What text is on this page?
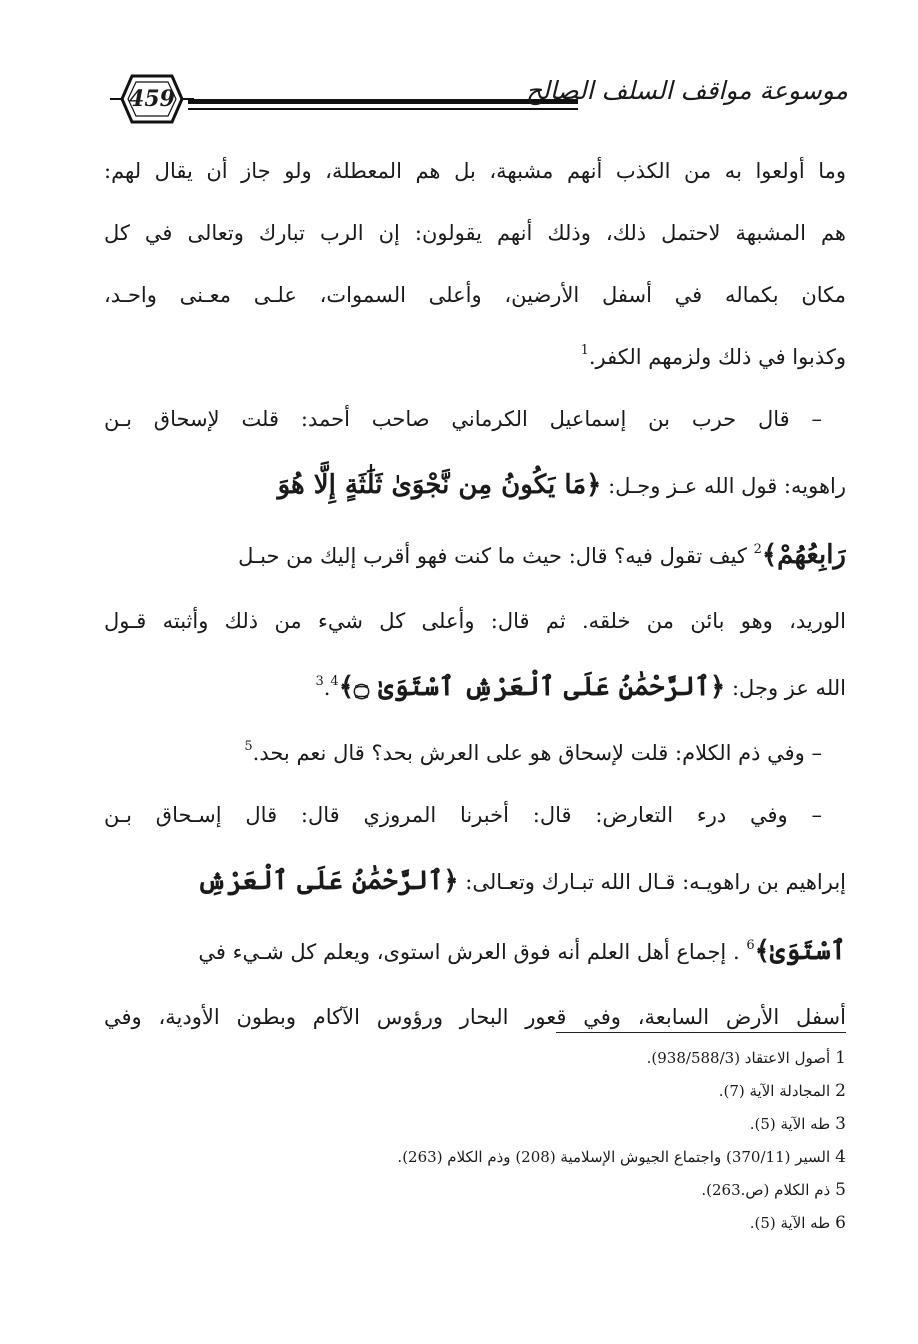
459	موسوعة مواقف السلف الصالح
وما أولعوا به من الكذب أنهم مشبهة، بل هم المعطلة، ولو جاز أن يقال لهم:
هم المشبهة لاحتمل ذلك، وذلك أنهم يقولون: إن الرب تبارك وتعالى في كل
مكان بكماله في أسفل الأرضين، وأعلى السموات، علـى معـنى واحـد،
وكذبوا في ذلك ولزمهم الكفر.$^1$
– قال حرب بن إسماعيل الكرماني صاحب أحمد: قلت لإسحاق بـن
راهويه: قول الله عـز وجـل: ﴿مَا يَكُونُ مِن نَّجْوَىٰ ثَلَٰثَةٍ إِلَّا هُوَ
رَابِعُهُمْ﴾$^2$ كيف تقول فيه؟ قال: حيث ما كنت فهو أقرب إليك من حبـل
الوريد، وهو بائن من خلقه. ثم قال: وأعلى كل شيء من ذلك وأثبته قـول
الله عز وجل: ﴿ٱلرَّحْمَٰنُ عَلَى ٱلْعَرْشِ ٱسْتَوَىٰ ۝﴾$^3$.$^4$
– وفي ذم الكلام: قلت لإسحاق هو على العرش بحد؟ قال نعم بحد.$^5$
– وفي درء التعارض: قال: أخبرنا المروزي قال: قال إسـحاق بـن
إبراهيم بن راهويـه: قـال الله تبـارك وتعـالى: ﴿ٱلرَّحْمَٰنُ عَلَى ٱلْعَرْشِ
ٱسْتَوَىٰ﴾$^6$ . إجماع أهل العلم أنه فوق العرش استوى، ويعلم كل شـيء في
أسفل الأرض السابعة، وفي قعور البحار ورؤوس الآكام وبطون الأودية، وفي
1أصول الاعتقاد (938/588/3).
2المجادلة الآية (7).
3طه الآية (5).
4السير (370/11) واجتماع الجيوش الإسلامية (208) وذم الكلام (263).
5ذم الكلام (ص.263).
6طه الآية (5).
